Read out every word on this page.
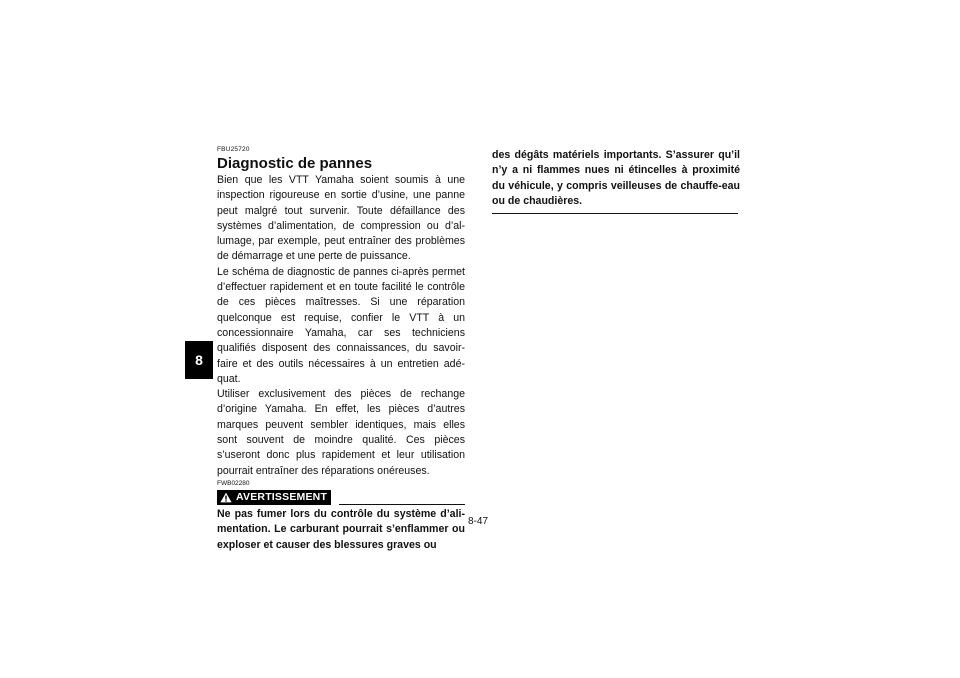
8
FBU25720
Diagnostic de pannes

Bien que les VTT Yamaha soient soumis à une inspection rigoureuse en sortie d’usine, une panne peut malgré tout survenir. Toute défaillance des systèmes d’alimentation, de compression ou d’allumage, par exemple, peut entraîner des problèmes de démarrage et une perte de puissance.

Le schéma de diagnostic de pannes ci-après permet d’effectuer rapidement et en toute facilité le contrôle de ces pièces maîtresses. Si une réparation quelconque est requise, confier le VTT à un concessionnaire Yamaha, car ses techniciens qualifiés disposent des connaissances, du savoir-faire et des outils nécessaires à un entretien adéquat.

Utiliser exclusivement des pièces de rechange d’origine Yamaha. En effet, les pièces d’autres marques peuvent sembler identiques, mais elles sont souvent de moindre qualité. Ces pièces s’useront donc plus rapidement et leur utilisation pourrait entraîner des réparations onéreuses.

FWB02280
AVERTISSEMENT

Ne pas fumer lors du contrôle du système d’alimentation. Le carburant pourrait s’enflammer ou exploser et causer des blessures graves ou

des dégâts matériels importants. S’assurer qu’il n’y a ni flammes nues ni étincelles à proximité du véhicule, y compris veilleuses de chauffe-eau ou de chaudières.

8-47
